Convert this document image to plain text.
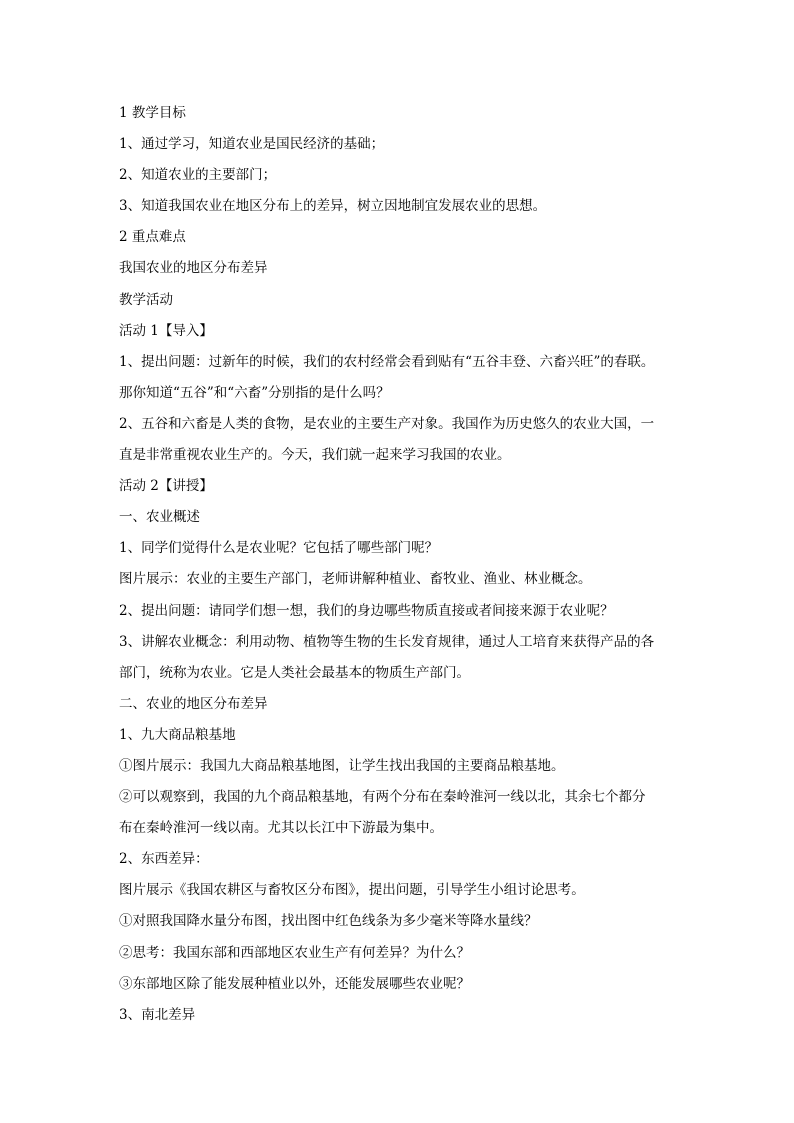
1 教学目标
1、通过学习，知道农业是国民经济的基础；
2、知道农业的主要部门；
3、知道我国农业在地区分布上的差异，树立因地制宜发展农业的思想。
2 重点难点
我国农业的地区分布差异
教学活动
活动 1【导入】
1、提出问题：过新年的时候，我们的农村经常会看到贴有“五谷丰登、六畜兴旺”的春联。
那你知道“五谷”和“六畜”分别指的是什么吗？
2、五谷和六畜是人类的食物，是农业的主要生产对象。我国作为历史悠久的农业大国，一
直是非常重视农业生产的。今天，我们就一起来学习我国的农业。
活动 2【讲授】
一、农业概述
1、同学们觉得什么是农业呢？它包括了哪些部门呢？
图片展示：农业的主要生产部门，老师讲解种植业、畜牧业、渔业、林业概念。
2、提出问题：请同学们想一想，我们的身边哪些物质直接或者间接来源于农业呢？
3、讲解农业概念：利用动物、植物等生物的生长发育规律，通过人工培育来获得产品的各
部门，统称为农业。它是人类社会最基本的物质生产部门。
二、农业的地区分布差异
1、九大商品粮基地
①图片展示：我国九大商品粮基地图，让学生找出我国的主要商品粮基地。
②可以观察到，我国的九个商品粮基地，有两个分布在秦岭淮河一线以北，其余七个都分
布在秦岭淮河一线以南。尤其以长江中下游最为集中。
2、东西差异：
图片展示《我国农耕区与畜牧区分布图》，提出问题，引导学生小组讨论思考。
①对照我国降水量分布图，找出图中红色线条为多少毫米等降水量线？
②思考：我国东部和西部地区农业生产有何差异？为什么？
③东部地区除了能发展种植业以外，还能发展哪些农业呢？
3、南北差异
